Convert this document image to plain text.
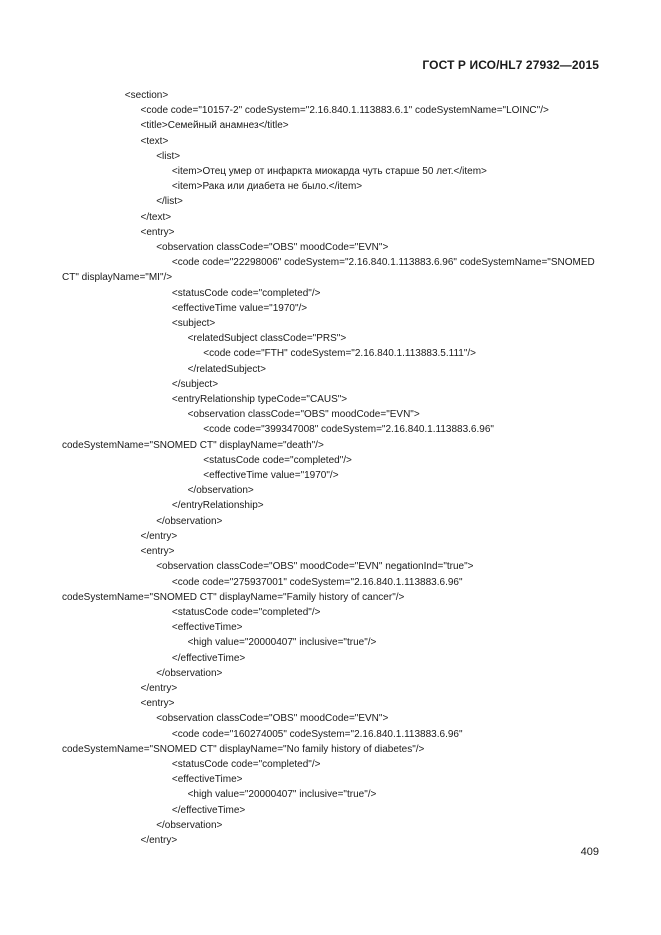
ГОСТ Р ИСО/HL7 27932—2015
<section>
<code code="10157-2" codeSystem="2.16.840.1.113883.6.1" codeSystemName="LOINC"/>
<title>Семейный анамнез</title>
<text>
<list>
<item>Отец умер от инфаркта миокарда чуть старше 50 лет.</item>
<item>Рака или диабета не было.</item>
</list>
</text>
<entry>
<observation classCode="OBS" moodCode="EVN">
<code code="22298006" codeSystem="2.16.840.1.113883.6.96" codeSystemName="SNOMED
CT" displayName="MI"/>
<statusCode code="completed"/>
<effectiveTime value="1970"/>
<subject>
<relatedSubject classCode="PRS">
<code code="FTH" codeSystem="2.16.840.1.113883.5.111"/>
</relatedSubject>
</subject>
<entryRelationship typeCode="CAUS">
<observation classCode="OBS" moodCode="EVN">
<code code="399347008" codeSystem="2.16.840.1.113883.6.96"
codeSystemName="SNOMED CT" displayName="death"/>
<statusCode code="completed"/>
<effectiveTime value="1970"/>
</observation>
</entryRelationship>
</observation>
</entry>
<entry>
<observation classCode="OBS" moodCode="EVN" negationInd="true">
<code code="275937001" codeSystem="2.16.840.1.113883.6.96"
codeSystemName="SNOMED CT" displayName="Family history of cancer"/>
<statusCode code="completed"/>
<effectiveTime>
<high value="20000407" inclusive="true"/>
</effectiveTime>
</observation>
</entry>
<entry>
<observation classCode="OBS" moodCode="EVN">
<code code="160274005" codeSystem="2.16.840.1.113883.6.96"
codeSystemName="SNOMED CT" displayName="No family history of diabetes"/>
<statusCode code="completed"/>
<effectiveTime>
<high value="20000407" inclusive="true"/>
</effectiveTime>
</observation>
</entry>
409
